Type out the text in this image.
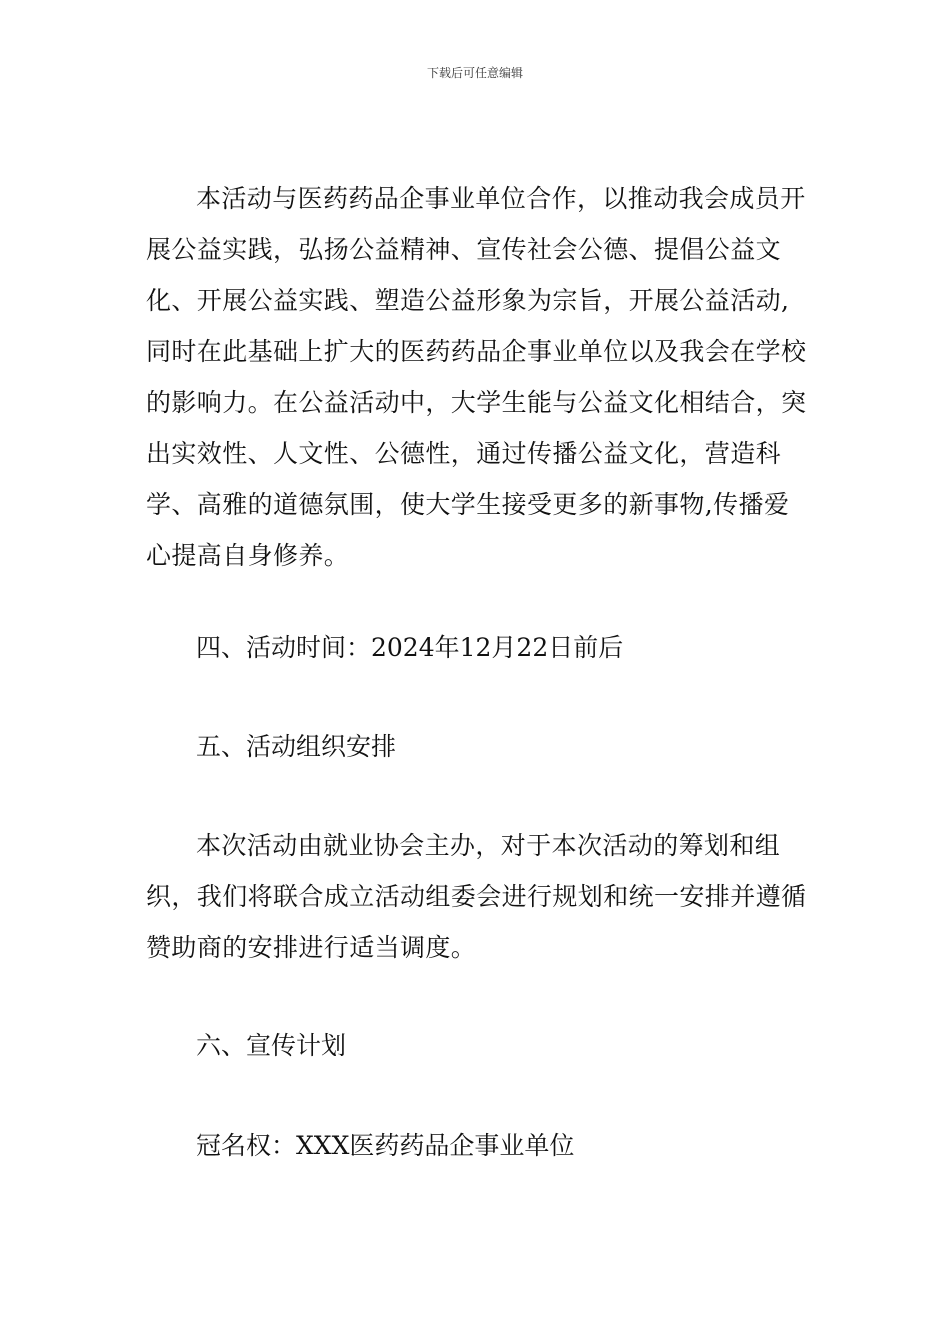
下载后可任意编辑

本活动与医药药品企事业单位合作，以推动我会成员开展公益实践，弘扬公益精神、宣传社会公德、提倡公益文化、开展公益实践、塑造公益形象为宗旨，开展公益活动,同时在此基础上扩大的医药药品企事业单位以及我会在学校的影响力。在公益活动中，大学生能与公益文化相结合，突出实效性、人文性、公德性，通过传播公益文化，营造科学、高雅的道德氛围，使大学生接受更多的新事物,传播爱心提高自身修养。

四、活动时间：2024年12月22日前后

五、活动组织安排

本次活动由就业协会主办，对于本次活动的筹划和组织，我们将联合成立活动组委会进行规划和统一安排并遵循赞助商的安排进行适当调度。

六、宣传计划

冠名权：XXX医药药品企事业单位
